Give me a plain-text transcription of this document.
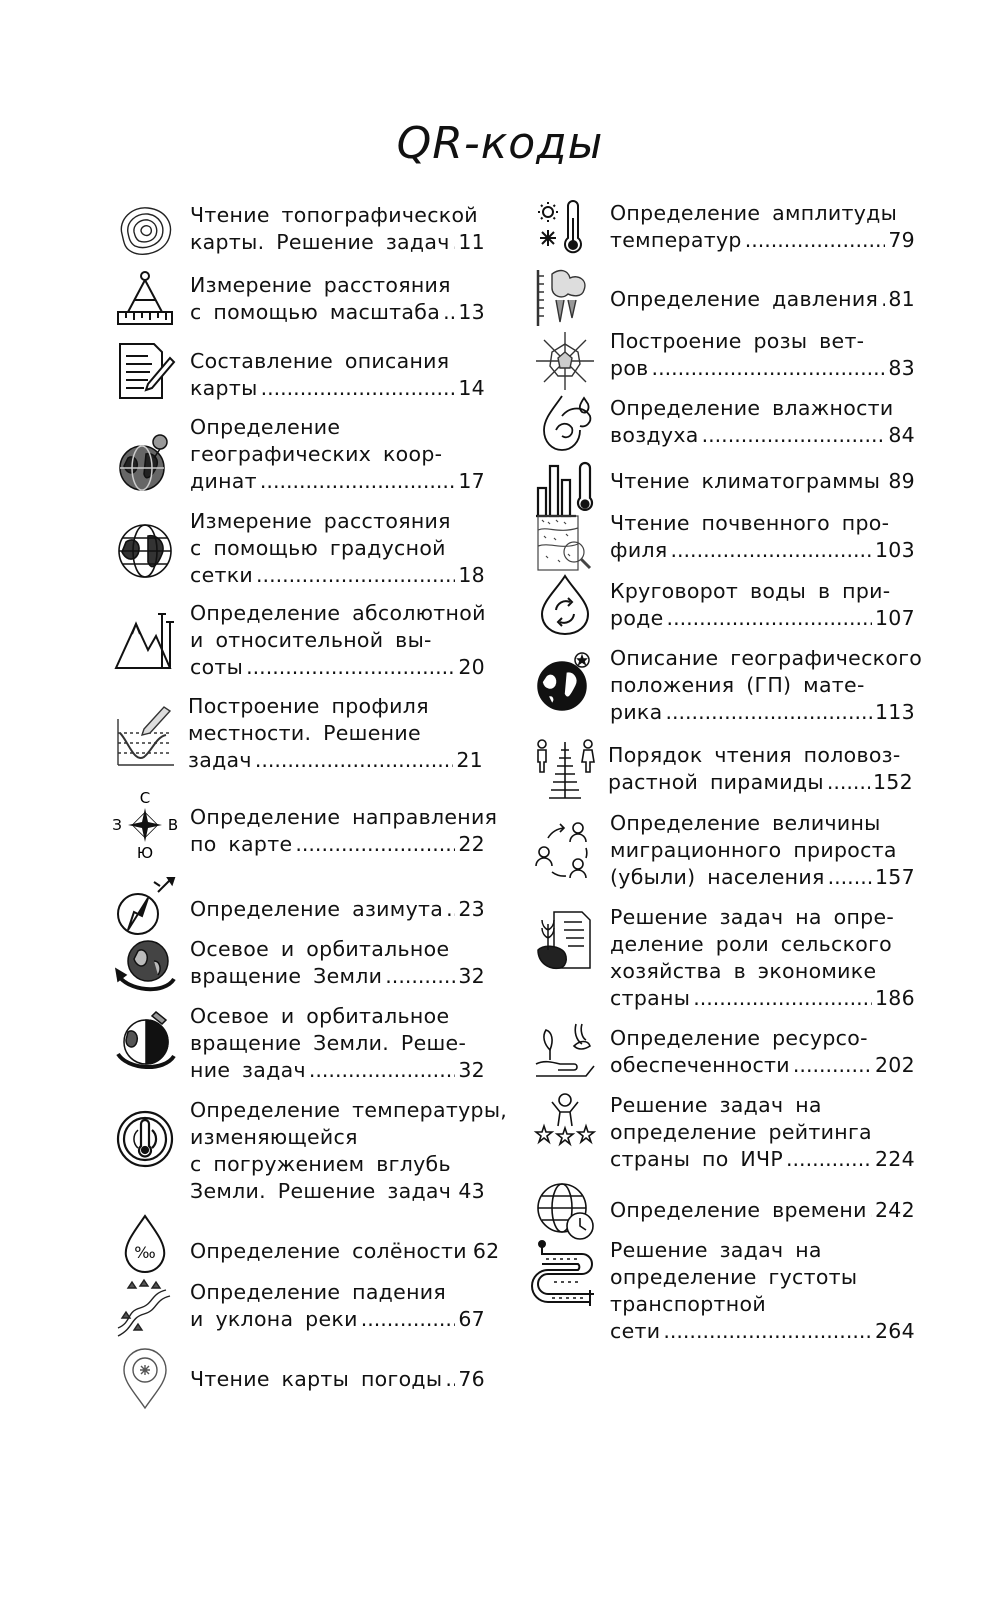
QR-коды
Чтение топографической
карты. Решение задач ..... 11
Измерение расстояния
с помощью масштаба ..... 13
Составление описания
карты .....	14
Определение
географических коор-
динат .....	17
Измерение расстояния
с помощью градусной
сетки .....	18
Определение абсолютной
и относительной вы-
соты .....	20
Построение профиля
местности. Решение
задач .....	21
С
З	В
Ю
Определение направления
по карте .....	22
Определение азимута ..... 23
Осевое и орбитальное
вращение Земли .....	32
Осевое и орбитальное
вращение Земли. Реше-
ние задач .....	32
Определение температуры,
изменяющейся
с погружением вглубь
Земли. Решение задач ..... 43
‰ Определение солёности 62
Определение падения
и уклона реки .....	67
Чтение карты погоды ..... 76
Определение амплитуды
температур .....	79
Определение давления ..... 81
Построение розы вет-
ров .....	83
Определение влажности
воздуха .....	84
Чтение климатограммы ..... 89
Чтение почвенного про-
филя .....	103
Круговорот воды в при-
роде .....	107
Описание географического
положения (ГП) мате-
рика .....	113
Порядок чтения половоз-
растной пирамиды ..... 152
Определение величины
миграционного прироста
(убыли) населения ..... 157
Решение задач на опре-
деление роли сельского
хозяйства в экономике
страны .....	186
Определение ресурсо-
обеспеченности .....	202
Решение задач на
определение рейтинга
страны по ИЧР .....	224
Определение времени ..... 242
Решение задач на
определение густоты
транспортной
сети .....	264
